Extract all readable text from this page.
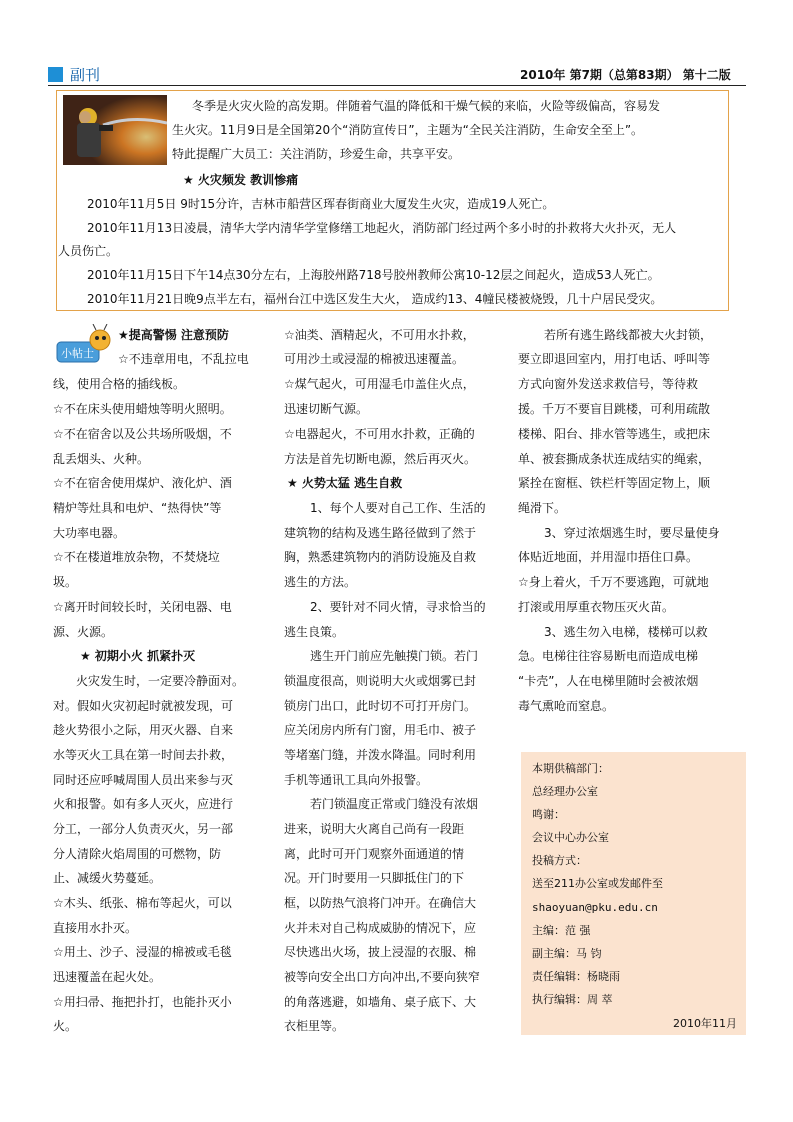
副刊	2010年 第7期（总第83期） 第十二版
冬季是火灾火险的高发期。伴随着气温的降低和干燥气候的来临，火险等级偏高，容易发
生火灾。11月9日是全国第20个“消防宣传日”，主题为“全民关注消防，生命安全至上”。
特此提醒广大员工：关注消防，珍爱生命，共享平安。
★ 火灾频发 教训惨痛
2010年11月5日 9时15分许，吉林市船营区珲春街商业大厦发生火灾，造成19人死亡。
2010年11月13日凌晨，清华大学内清华学堂修缮工地起火，消防部门经过两个多小时的扑救将大火扑灭，无人
人员伤亡。
2010年11月15日下午14点30分左右，上海胶州路718号胶州教师公寓10-12层之间起火，造成53人死亡。
2010年11月21日晚9点半左右，福州台江中选区发生大火， 造成约13、4幢民楼被烧毁，几十户居民受灾。
小帖士
★提高警惕 注意预防
☆不违章用电，不乱拉电
线，使用合格的插线板。
☆不在床头使用蜡烛等明火照明。
☆不在宿舍以及公共场所吸烟，不
乱丢烟头、火种。
☆不在宿舍使用煤炉、液化炉、酒
精炉等灶具和电炉、“热得快”等
大功率电器。
☆不在楼道堆放杂物，不焚烧垃
圾。
☆离开时间较长时，关闭电器、电
源、火源。
★ 初期小火 抓紧扑灭
火灾发生时，一定要冷静面对。
对。假如火灾初起时就被发现，可
趁火势很小之际，用灭火器、自来
水等灭火工具在第一时间去扑救，
同时还应呼喊周围人员出来参与灭
火和报警。如有多人灭火，应进行
分工，一部分人负责灭火，另一部
分人清除火焰周围的可燃物，防
止、减缓火势蔓延。
☆木头、纸张、棉布等起火，可以
直接用水扑灭。
☆用土、沙子、浸湿的棉被或毛毯
迅速覆盖在起火处。
☆用扫帚、拖把扑打，也能扑灭小
火。
☆油类、酒精起火，不可用水扑救，
可用沙土或浸湿的棉被迅速覆盖。
☆煤气起火，可用湿毛巾盖住火点，
迅速切断气源。
☆电器起火，不可用水扑救，正确的
方法是首先切断电源，然后再灭火。
★ 火势太猛 逃生自救
1、每个人要对自己工作、生活的
建筑物的结构及逃生路径做到了然于
胸，熟悉建筑物内的消防设施及自救
逃生的方法。
2、要针对不同火情，寻求恰当的
逃生良策。
逃生开门前应先触摸门锁。若门
锁温度很高，则说明大火或烟雾已封
锁房门出口，此时切不可打开房门。
应关闭房内所有门窗，用毛巾、被子
等堵塞门缝，并泼水降温。同时利用
手机等通讯工具向外报警。
若门锁温度正常或门缝没有浓烟
进来，说明大火离自己尚有一段距
离，此时可开门观察外面通道的情
况。开门时要用一只脚抵住门的下
框，以防热气浪将门冲开。在确信大
火并未对自己构成威胁的情况下，应
尽快逃出火场，披上浸湿的衣服、棉
被等向安全出口方向冲出,不要向狭窄
的角落逃避，如墙角、桌子底下、大
衣柜里等。
若所有逃生路线都被大火封锁，
要立即退回室内，用打电话、呼叫等
方式向窗外发送求救信号，等待救
援。千万不要盲目跳楼，可利用疏散
楼梯、阳台、排水管等逃生，或把床
单、被套撕成条状连成结实的绳索，
紧拴在窗框、铁栏杆等固定物上，顺
绳滑下。
3、穿过浓烟逃生时，要尽量使身
体贴近地面，并用湿巾捂住口鼻。
☆身上着火，千万不要逃跑，可就地
打滚或用厚重衣物压灭火苗。
3、逃生勿入电梯，楼梯可以救
急。电梯往往容易断电而造成电梯
“卡壳”，人在电梯里随时会被浓烟
毒气熏呛而窒息。
本期供稿部门：
总经理办公室
鸣谢：
会议中心办公室
投稿方式：
送至211办公室或发邮件至
shaoyuan@pku.edu.cn
主编：范 强
副主编：马 钧
责任编辑：杨晓雨
执行编辑：周 萃
2010年11月
